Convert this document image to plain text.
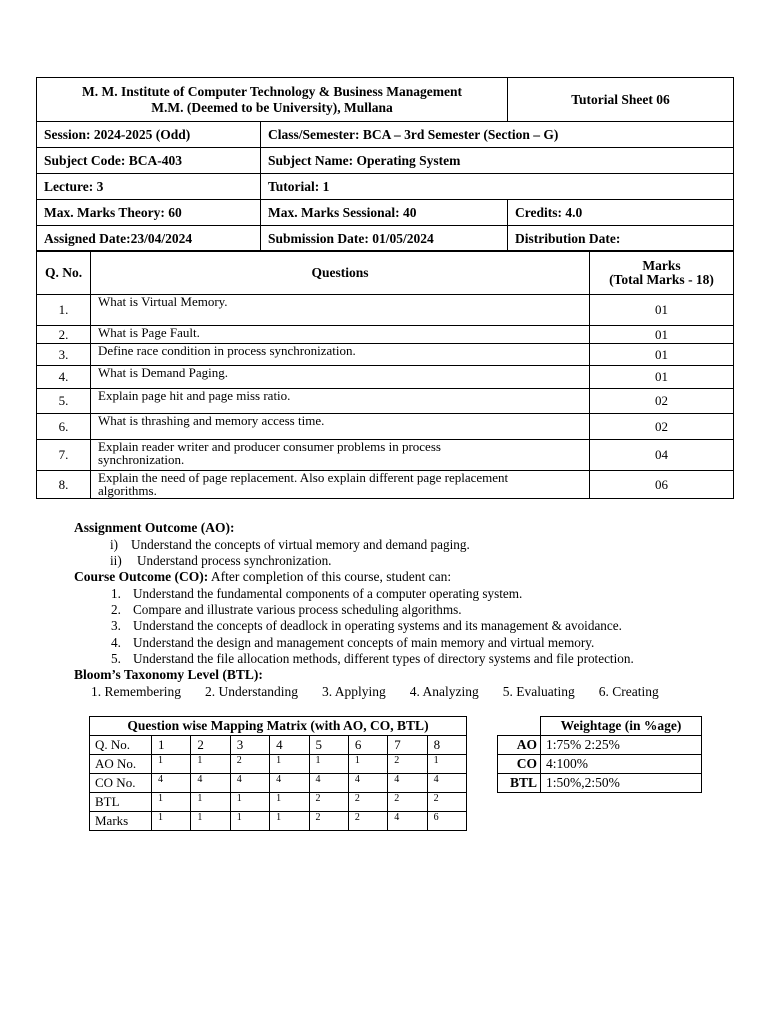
M. M. Institute of Computer Technology & Business Management
M.M. (Deemed to be University), Mullana		Tutorial Sheet 06
Session: 2024-2025 (Odd)	Class/Semester: BCA – 3rd Semester (Section – G)	
Subject Code: BCA-403	Subject Name: Operating System	
Lecture: 3	Tutorial: 1	
Max. Marks Theory: 60	Max. Marks Sessional: 40	Credits: 4.0
Assigned Date:23/04/2024	Submission Date: 01/05/2024	Distribution Date:
Q. No.	Questions	Marks
(Total Marks - 18)

1.	What is Virtual Memory.	01
2.	What is Page Fault.	01
3.	Define race condition in process synchronization.	01
4.	What is Demand Paging.	01
5.	Explain page hit and page miss ratio.	02
6.	What is thrashing and memory access time.	02
7.	Explain reader writer and producer consumer problems in process
synchronization.	04
8.	Explain the need of page replacement. Also explain different page replacement
algorithms.	06
Assignment Outcome (AO):
i) Understand the concepts of virtual memory and demand paging.
ii) Understand process synchronization.
Course Outcome (CO): After completion of this course, student can:
1. Understand the fundamental components of a computer operating system.
2. Compare and illustrate various process scheduling algorithms.
3. Understand the concepts of deadlock in operating systems and its management & avoidance.
4. Understand the design and management concepts of main memory and virtual memory.
5. Understand the file allocation methods, different types of directory systems and file protection.
Bloom’s Taxonomy Level (BTL):
1. Remembering 2. Understanding 3. Applying 4. Analyzing 5. Evaluating 6. Creating
Question wise Mapping Matrix (with AO, CO, BTL)								
Q. No.	1	2	3	4	5	6	7	8
AO No.	1	1	2	1	1	1	2	1
CO No.	4	4	4	4	4	4	4	4
BTL	1	1	1	1	2	2	2	2
Marks	1	1	1	1	2	2	4	6
	Weightage (in %age)
AO	1:75% 2:25%
CO	4:100%
BTL	1:50%,2:50%
